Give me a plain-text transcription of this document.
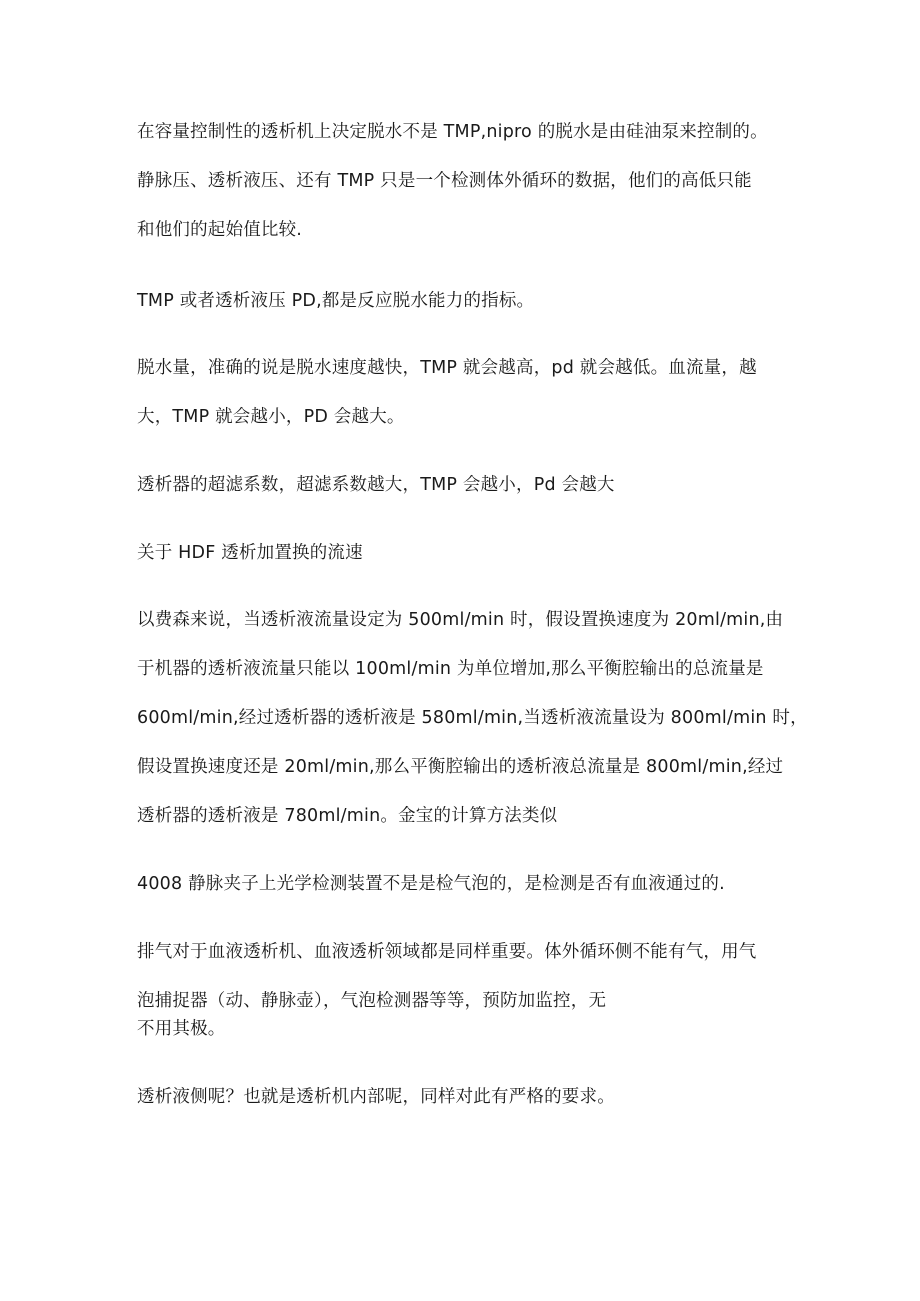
在容量控制性的透析机上决定脱水不是 TMP,nipro 的脱水是由硅油泵来控制的。
静脉压、透析液压、还有 TMP 只是一个检测体外循环的数据，他们的高低只能
和他们的起始值比较.
TMP 或者透析液压 PD,都是反应脱水能力的指标。
脱水量，准确的说是脱水速度越快，TMP 就会越高，pd 就会越低。血流量，越
大，TMP 就会越小，PD 会越大。
透析器的超滤系数，超滤系数越大，TMP 会越小，Pd 会越大
关于 HDF 透析加置换的流速
以费森来说，当透析液流量设定为 500ml/min 时，假设置换速度为 20ml/min,由
于机器的透析液流量只能以 100ml/min 为单位增加,那么平衡腔输出的总流量是
600ml/min,经过透析器的透析液是 580ml/min,当透析液流量设为 800ml/min 时，
假设置换速度还是 20ml/min,那么平衡腔输出的透析液总流量是 800ml/min,经过
透析器的透析液是 780ml/min。金宝的计算方法类似
4008 静脉夹子上光学检测装置不是是检气泡的，是检测是否有血液通过的.
排气对于血液透析机、血液透析领域都是同样重要。体外循环侧不能有气，用气
泡捕捉器（动、静脉壶），气泡检测器等等，预防加监控，无
不用其极。
透析液侧呢？也就是透析机内部呢，同样对此有严格的要求。
